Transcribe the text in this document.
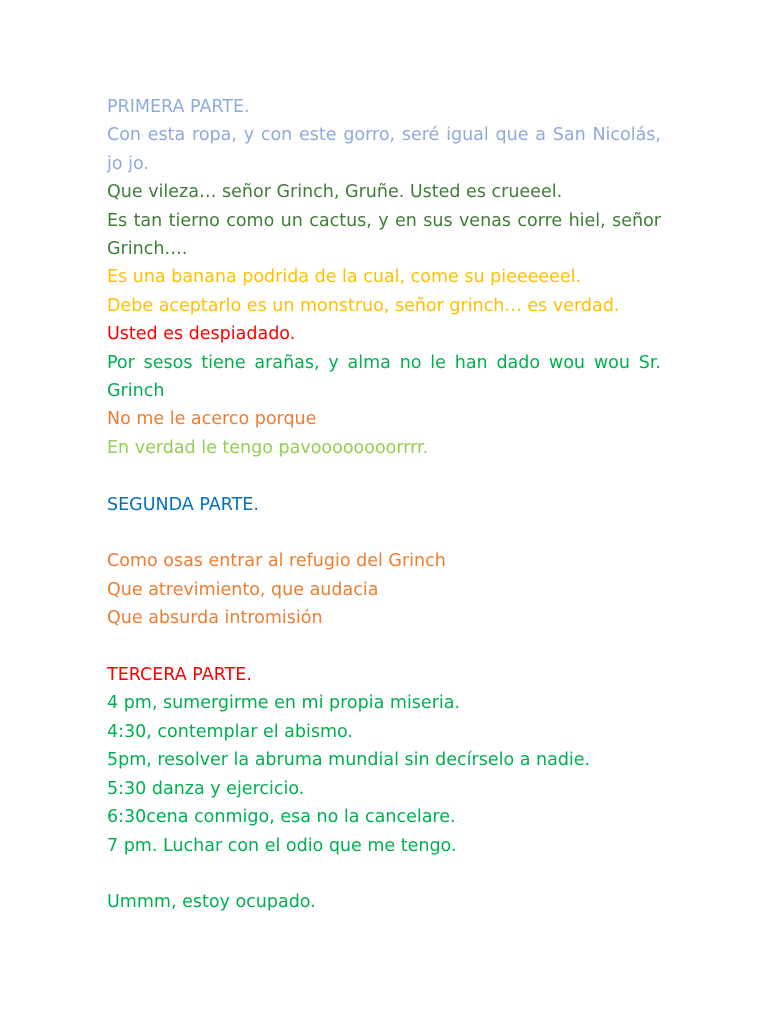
PRIMERA PARTE.

Con esta ropa, y con este gorro, seré igual que a San Nicolás, jo jo.

Que vileza… señor Grinch, Gruñe. Usted es crueeel.

Es tan tierno como un cactus, y en sus venas corre hiel, señor Grinch….

Es una banana podrida de la cual, come su pieeeeeel.

Debe aceptarlo es un monstruo, señor grinch… es verdad.

Usted es despiadado.

Por sesos tiene arañas, y alma no le han dado wou wou Sr. Grinch

No me le acerco porque

En verdad le tengo pavoooooooorrrr.

SEGUNDA PARTE.

Como osas entrar al refugio del Grinch

Que atrevimiento, que audacia

Que absurda intromisión

TERCERA PARTE.

4 pm, sumergirme en mi propia miseria.

4:30, contemplar el abismo.

5pm, resolver la abruma mundial sin decírselo a nadie.

5:30 danza y ejercicio.

6:30cena conmigo, esa no la cancelare.

7 pm. Luchar con el odio que me tengo.

Ummm, estoy ocupado.
